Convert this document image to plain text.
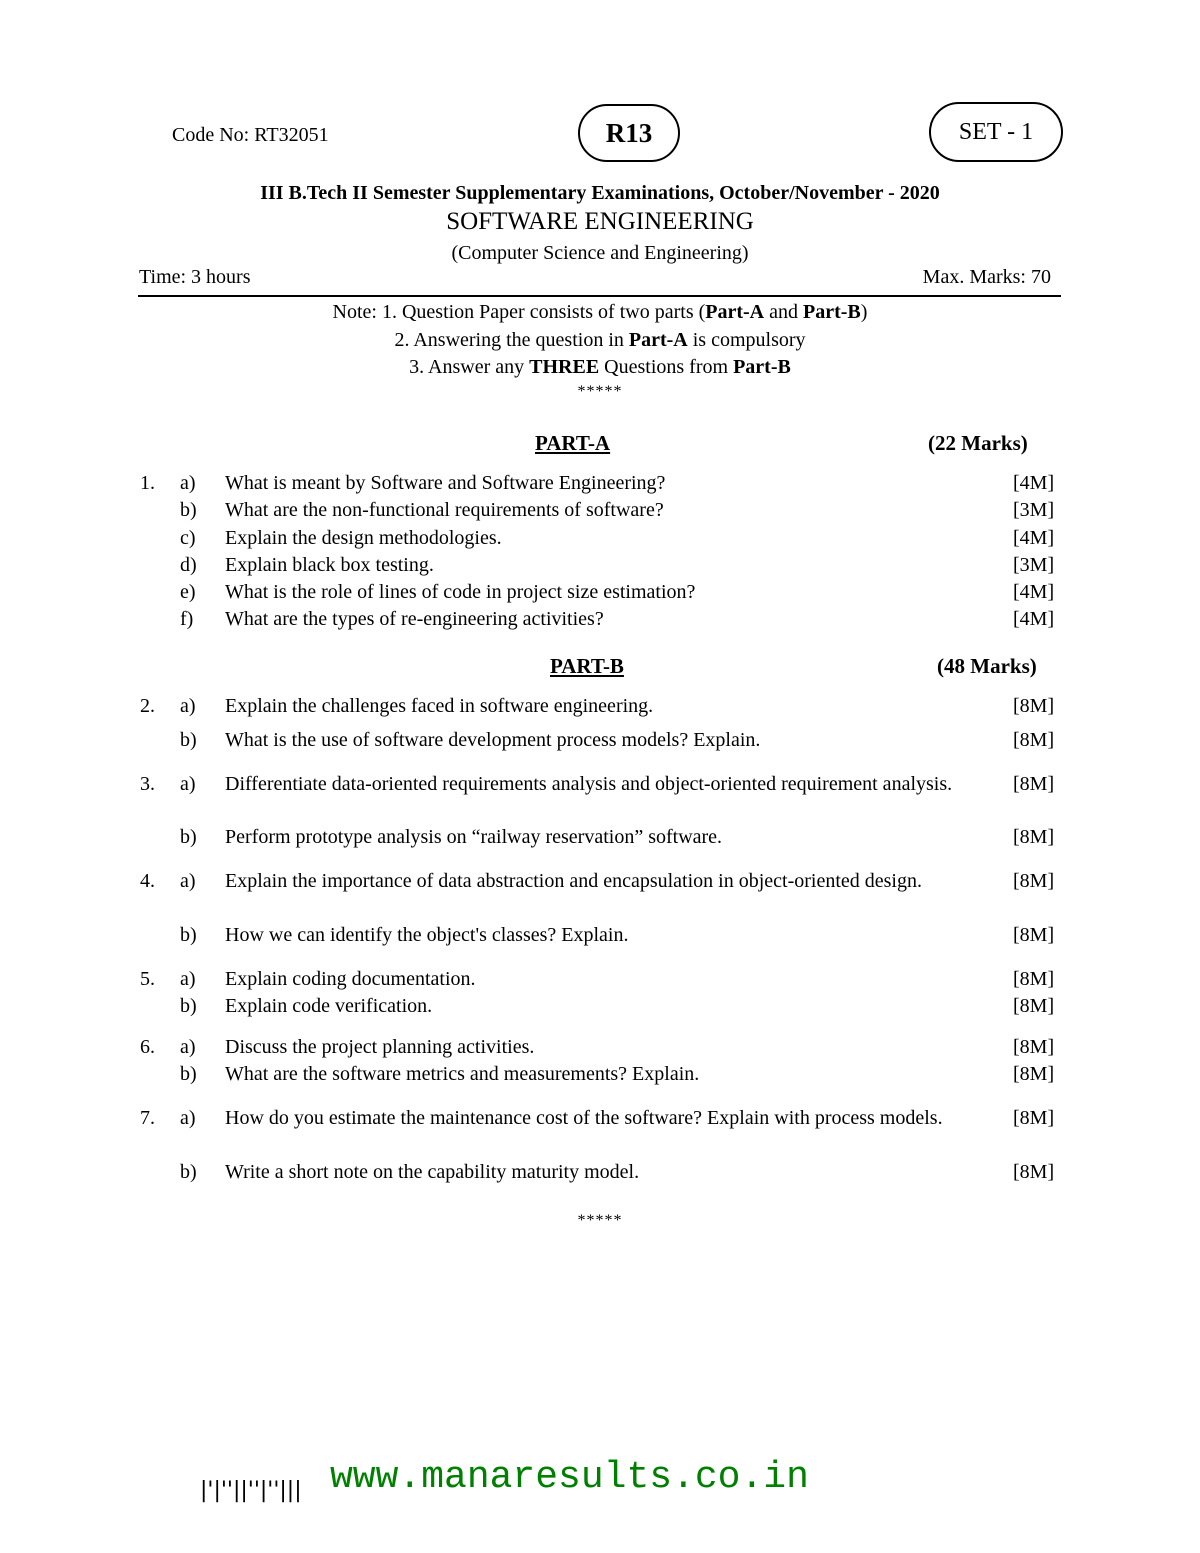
Code No: RT32051	R13	SET - 1
III B.Tech II Semester Supplementary Examinations, October/November - 2020
SOFTWARE ENGINEERING
(Computer Science and Engineering)
Time: 3 hours	Max. Marks: 70
Note: 1. Question Paper consists of two parts (Part-A and Part-B)
2. Answering the question in Part-A is compulsory
3. Answer any THREE Questions from Part-B
*****
PART-A	(22 Marks)
1. a) What is meant by Software and Software Engineering?	[4M]
b) What are the non-functional requirements of software?	[3M]
c) Explain the design methodologies.	[4M]
d) Explain black box testing.	[3M]
e) What is the role of lines of code in project size estimation?	[4M]
f) What are the types of re-engineering activities?	[4M]
PART-B	(48 Marks)
2. a) Explain the challenges faced in software engineering.	[8M]
b) What is the use of software development process models? Explain.	[8M]
3. a) Differentiate data-oriented requirements analysis and object-oriented requirement analysis.	[8M]
b) Perform prototype analysis on “railway reservation” software.	[8M]
4. a) Explain the importance of data abstraction and encapsulation in object-oriented design.	[8M]
b) How we can identify the object's classes? Explain.	[8M]
5. a) Explain coding documentation.	[8M]
b) Explain code verification.	[8M]
6. a) Discuss the project planning activities.	[8M]
b) What are the software metrics and measurements? Explain.	[8M]
7. a) How do you estimate the maintenance cost of the software? Explain with process models.	[8M]
b) Write a short note on the capability maturity model.	[8M]
*****
|'|''||''|''||| www.manaresults.co.in
